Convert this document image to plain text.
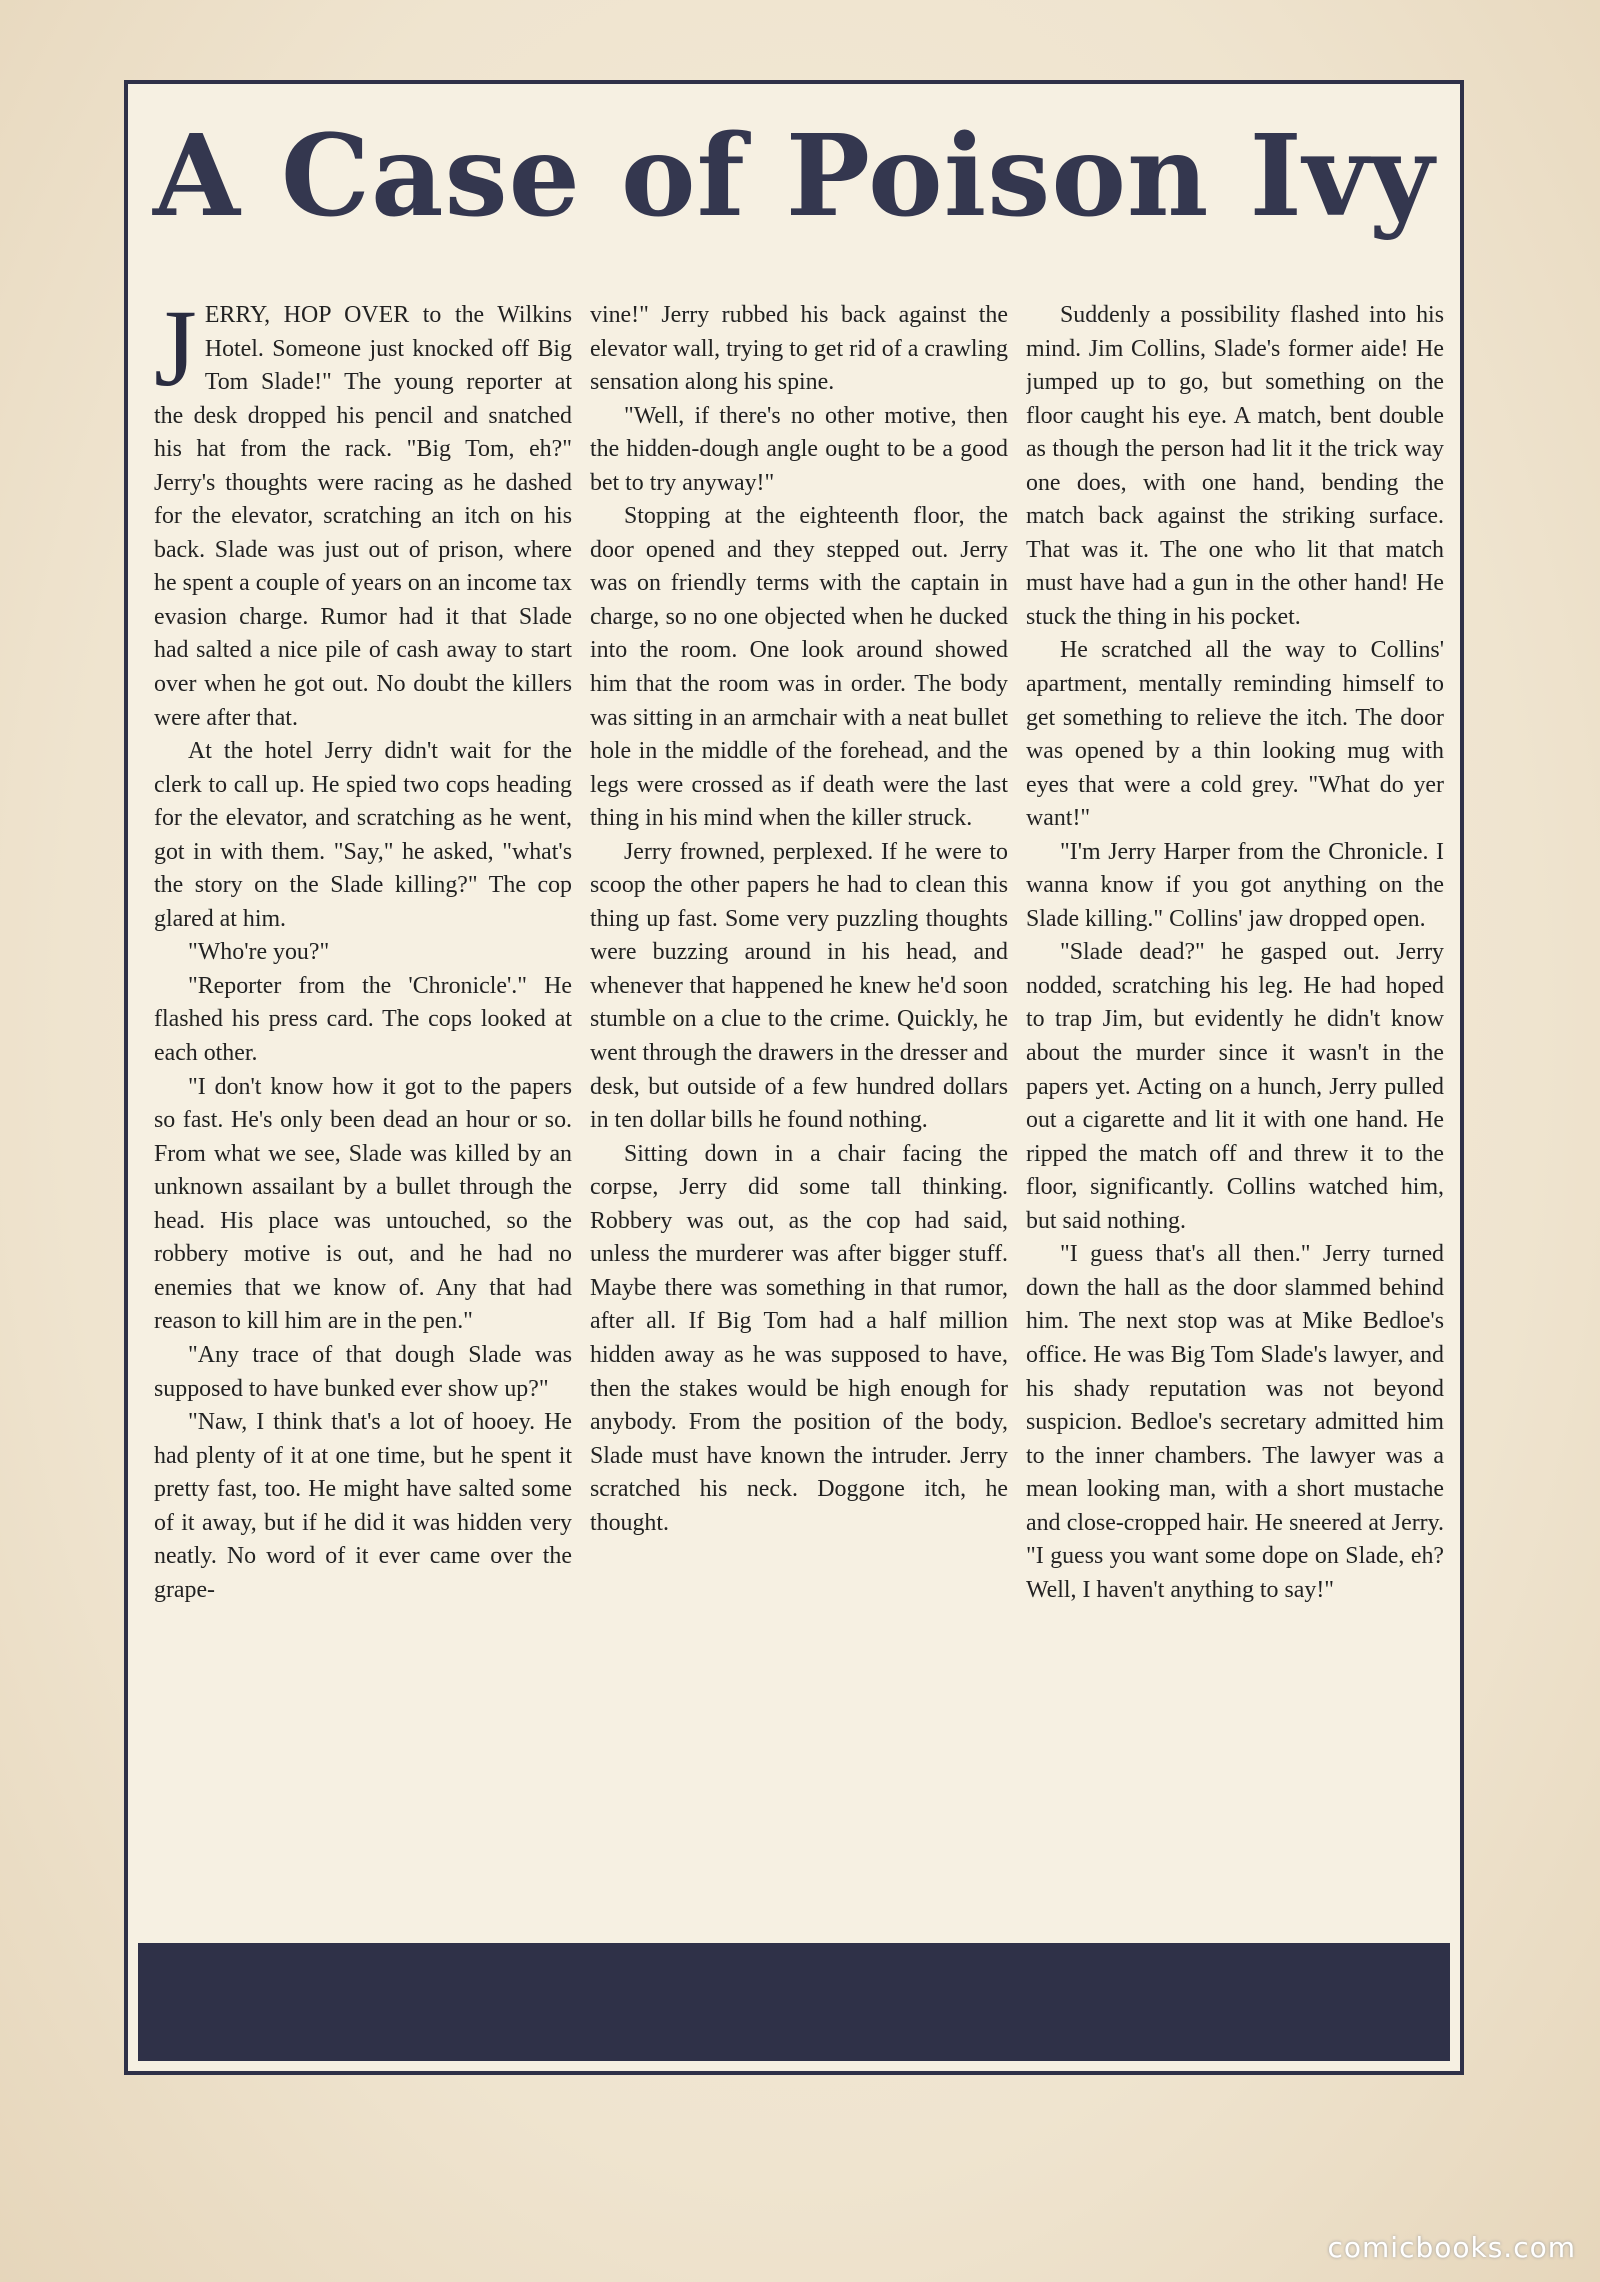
A Case of Poison Ivy

JERRY, HOP OVER to the Wilkins Hotel. Someone just knocked off Big Tom Slade!" The young reporter at the desk dropped his pencil and snatched his hat from the rack. "Big Tom, eh?" Jerry's thoughts were racing as he dashed for the elevator, scratching an itch on his back. Slade was just out of prison, where he spent a couple of years on an income tax evasion charge. Rumor had it that Slade had salted a nice pile of cash away to start over when he got out. No doubt the killers were after that.

At the hotel Jerry didn't wait for the clerk to call up. He spied two cops heading for the elevator, and scratching as he went, got in with them. "Say," he asked, "what's the story on the Slade killing?" The cop glared at him.

"Who're you?"

"Reporter from the 'Chronicle'." He flashed his press card. The cops looked at each other.

"I don't know how it got to the papers so fast. He's only been dead an hour or so. From what we see, Slade was killed by an unknown assailant by a bullet through the head. His place was untouched, so the robbery motive is out, and he had no enemies that we know of. Any that had reason to kill him are in the pen."

"Any trace of that dough Slade was supposed to have bunked ever show up?"

"Naw, I think that's a lot of hooey. He had plenty of it at one time, but he spent it pretty fast, too. He might have salted some of it away, but if he did it was hidden very neatly. No word of it ever came over the grape-

vine!" Jerry rubbed his back against the elevator wall, trying to get rid of a crawling sensation along his spine.

"Well, if there's no other motive, then the hidden-dough angle ought to be a good bet to try anyway!"

Stopping at the eighteenth floor, the door opened and they stepped out. Jerry was on friendly terms with the captain in charge, so no one objected when he ducked into the room. One look around showed him that the room was in order. The body was sitting in an armchair with a neat bullet hole in the middle of the forehead, and the legs were crossed as if death were the last thing in his mind when the killer struck.

Jerry frowned, perplexed. If he were to scoop the other papers he had to clean this thing up fast. Some very puzzling thoughts were buzzing around in his head, and whenever that happened he knew he'd soon stumble on a clue to the crime. Quickly, he went through the drawers in the dresser and desk, but outside of a few hundred dollars in ten dollar bills he found nothing.

Sitting down in a chair facing the corpse, Jerry did some tall thinking. Robbery was out, as the cop had said, unless the murderer was after bigger stuff. Maybe there was something in that rumor, after all. If Big Tom had a half million hidden away as he was supposed to have, then the stakes would be high enough for anybody. From the position of the body, Slade must have known the intruder. Jerry scratched his neck. Doggone itch, he thought.

Suddenly a possibility flashed into his mind. Jim Collins, Slade's former aide! He jumped up to go, but something on the floor caught his eye. A match, bent double as though the person had lit it the trick way one does, with one hand, bending the match back against the striking surface. That was it. The one who lit that match must have had a gun in the other hand! He stuck the thing in his pocket.

He scratched all the way to Collins' apartment, mentally reminding himself to get something to relieve the itch. The door was opened by a thin looking mug with eyes that were a cold grey. "What do yer want!"

"I'm Jerry Harper from the Chronicle. I wanna know if you got anything on the Slade killing." Collins' jaw dropped open.

"Slade dead?" he gasped out. Jerry nodded, scratching his leg. He had hoped to trap Jim, but evidently he didn't know about the murder since it wasn't in the papers yet. Acting on a hunch, Jerry pulled out a cigarette and lit it with one hand. He ripped the match off and threw it to the floor, significantly. Collins watched him, but said nothing.

"I guess that's all then." Jerry turned down the hall as the door slammed behind him. The next stop was at Mike Bedloe's office. He was Big Tom Slade's lawyer, and his shady reputation was not beyond suspicion. Bedloe's secretary admitted him to the inner chambers. The lawyer was a mean looking man, with a short mustache and close-cropped hair. He sneered at Jerry. "I guess you want some dope on Slade, eh? Well, I haven't anything to say!"

comicbooks.com
